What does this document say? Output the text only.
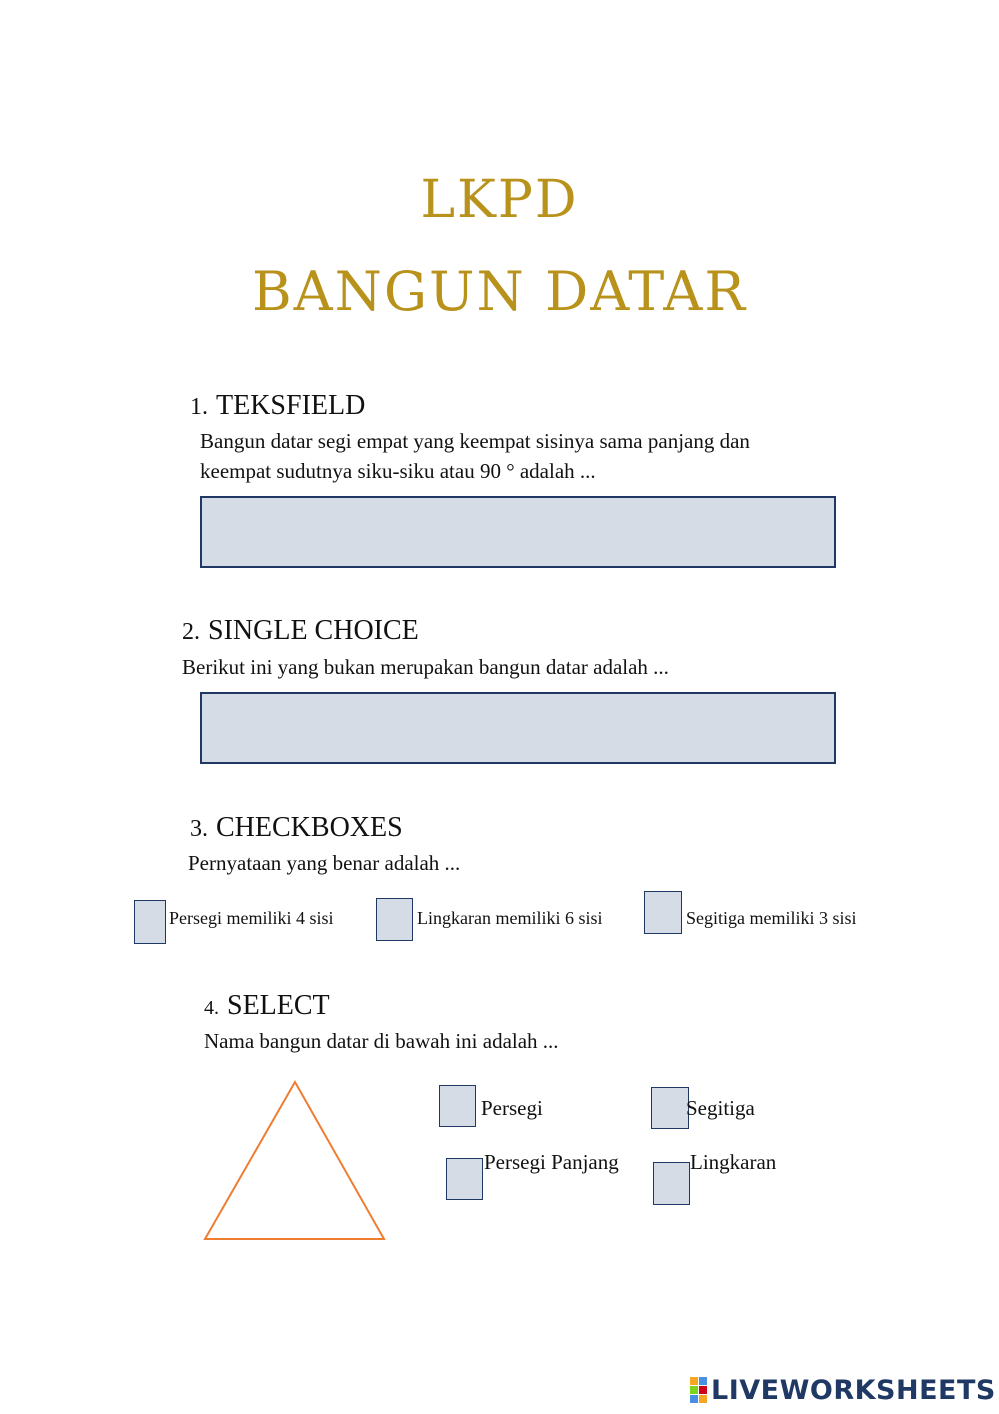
LKPD
BANGUN DATAR
1. TEKSFIELD
Bangun datar segi empat yang keempat sisinya sama panjang dan
keempat sudutnya siku-siku atau 90 ° adalah ...
2. SINGLE CHOICE
Berikut ini yang bukan merupakan bangun datar adalah ...
3. CHECKBOXES
Pernyataan yang benar adalah ...
Persegi memiliki 4 sisi	Lingkaran memiliki 6 sisi	Segitiga memiliki 3 sisi
4. SELECT
Nama bangun datar di bawah ini adalah ...
Persegi	Segitiga
Persegi Panjang	Lingkaran
LIVEWORKSHEETS
